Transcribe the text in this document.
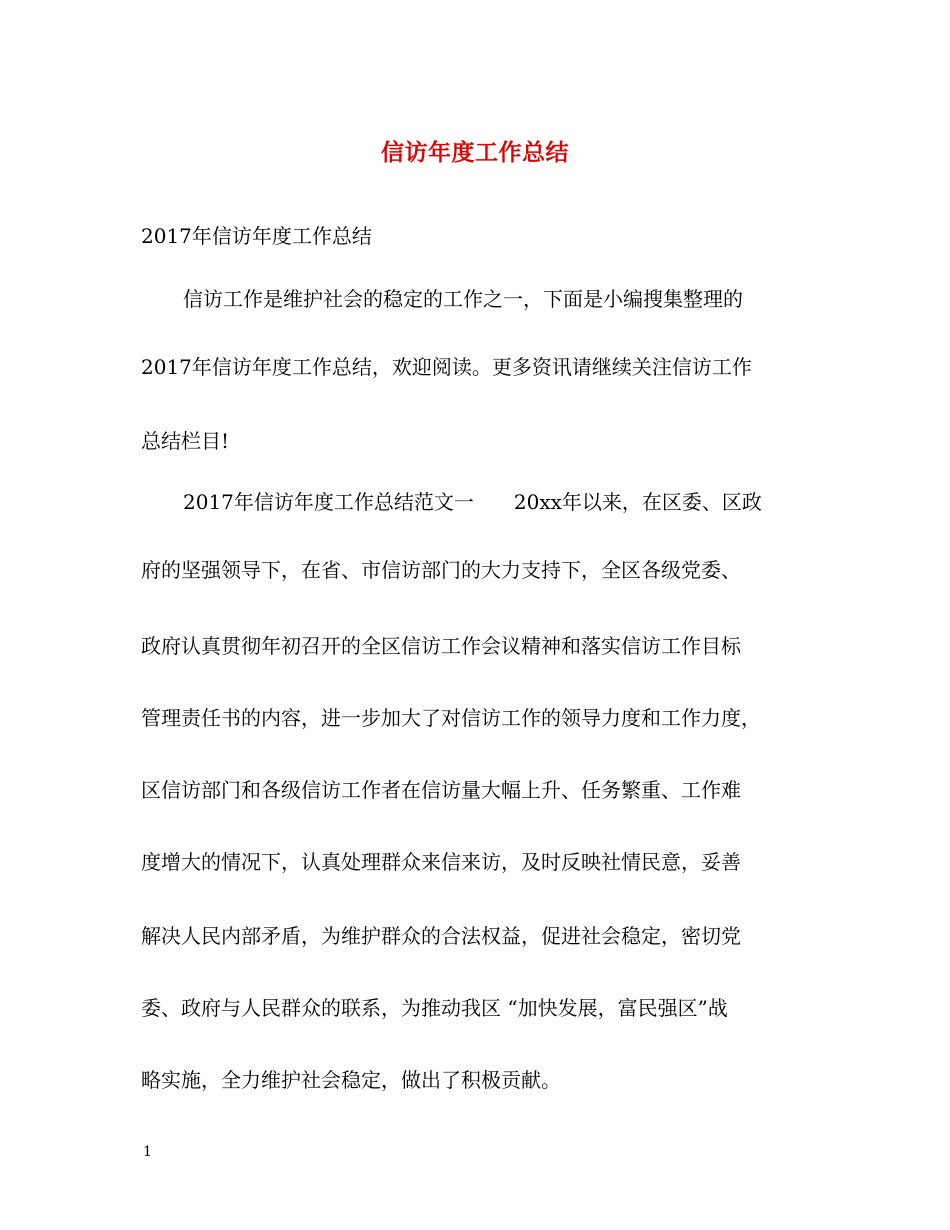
信访年度工作总结

2017年信访年度工作总结

信访工作是维护社会的稳定的工作之一，下面是小编搜集整理的

2017年信访年度工作总结，欢迎阅读。更多资讯请继续关注信访工作

总结栏目!

2017年信访年度工作总结范文一 20xx年以来，在区委、区政

府的坚强领导下，在省、市信访部门的大力支持下，全区各级党委、

政府认真贯彻年初召开的全区信访工作会议精神和落实信访工作目标

管理责任书的内容，进一步加大了对信访工作的领导力度和工作力度，

区信访部门和各级信访工作者在信访量大幅上升、任务繁重、工作难

度增大的情况下，认真处理群众来信来访，及时反映社情民意，妥善

解决人民内部矛盾，为维护群众的合法权益，促进社会稳定，密切党

委、政府与人民群众的联系，为推动我区 “加快发展，富民强区”战

略实施，全力维护社会稳定，做出了积极贡献。

1
